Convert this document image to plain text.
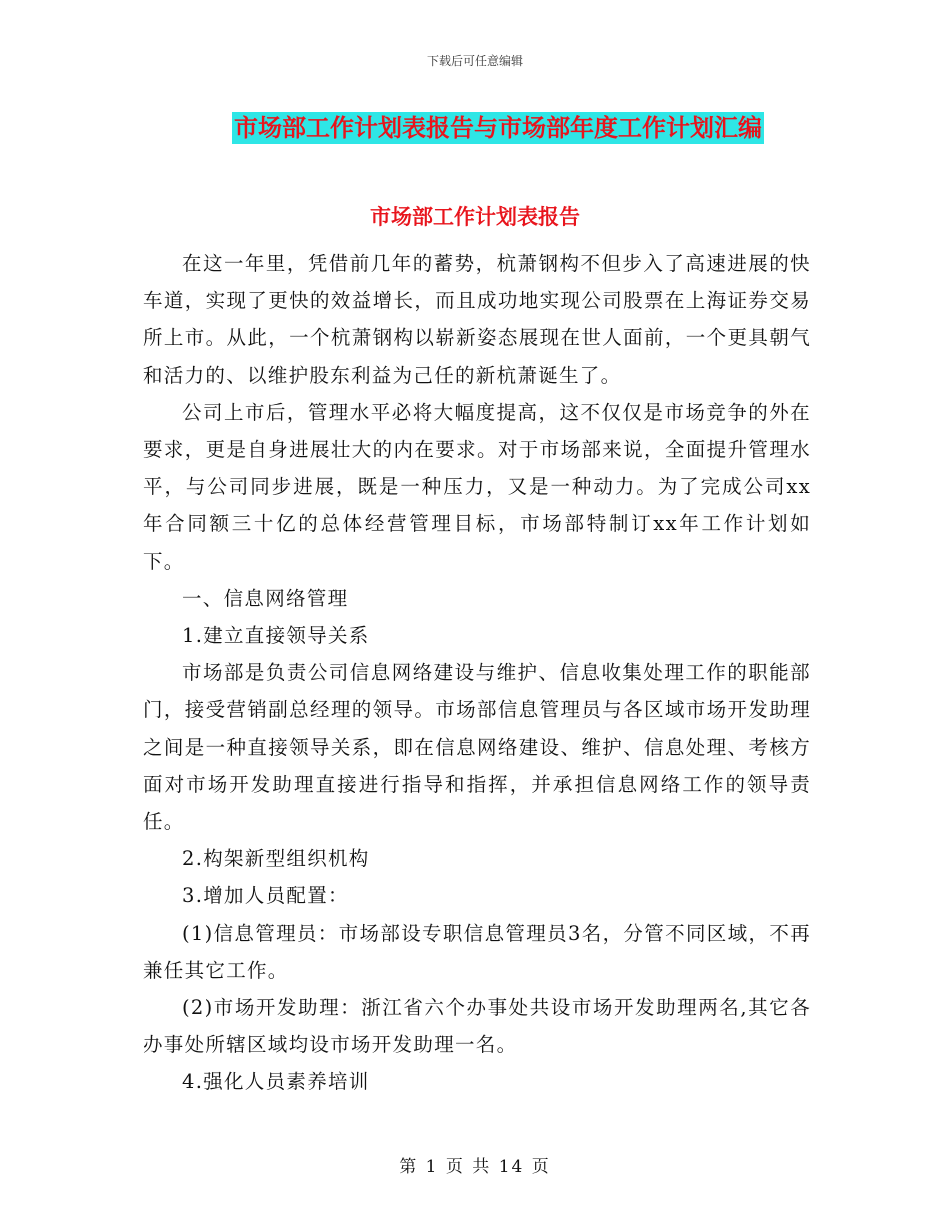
下载后可任意编辑
市场部工作计划表报告与市场部年度工作计划汇编
市场部工作计划表报告

在这一年里，凭借前几年的蓄势，杭萧钢构不但步入了高速进展的快车道，实现了更快的效益增长，而且成功地实现公司股票在上海证券交易所上市。从此，一个杭萧钢构以崭新姿态展现在世人面前，一个更具朝气和活力的、以维护股东利益为己任的新杭萧诞生了。

公司上市后，管理水平必将大幅度提高，这不仅仅是市场竞争的外在要求，更是自身进展壮大的内在要求。对于市场部来说，全面提升管理水平，与公司同步进展，既是一种压力，又是一种动力。为了完成公司xx年合同额三十亿的总体经营管理目标，市场部特制订xx年工作计划如下。

一、信息网络管理

1.建立直接领导关系

市场部是负责公司信息网络建设与维护、信息收集处理工作的职能部门，接受营销副总经理的领导。市场部信息管理员与各区域市场开发助理之间是一种直接领导关系，即在信息网络建设、维护、信息处理、考核方面对市场开发助理直接进行指导和指挥，并承担信息网络工作的领导责任。

2.构架新型组织机构

3.增加人员配置：

(1)信息管理员：市场部设专职信息管理员3名，分管不同区域，不再兼任其它工作。

(2)市场开发助理：浙江省六个办事处共设市场开发助理两名,其它各办事处所辖区域均设市场开发助理一名。

4.强化人员素养培训

第 1 页 共 14 页
